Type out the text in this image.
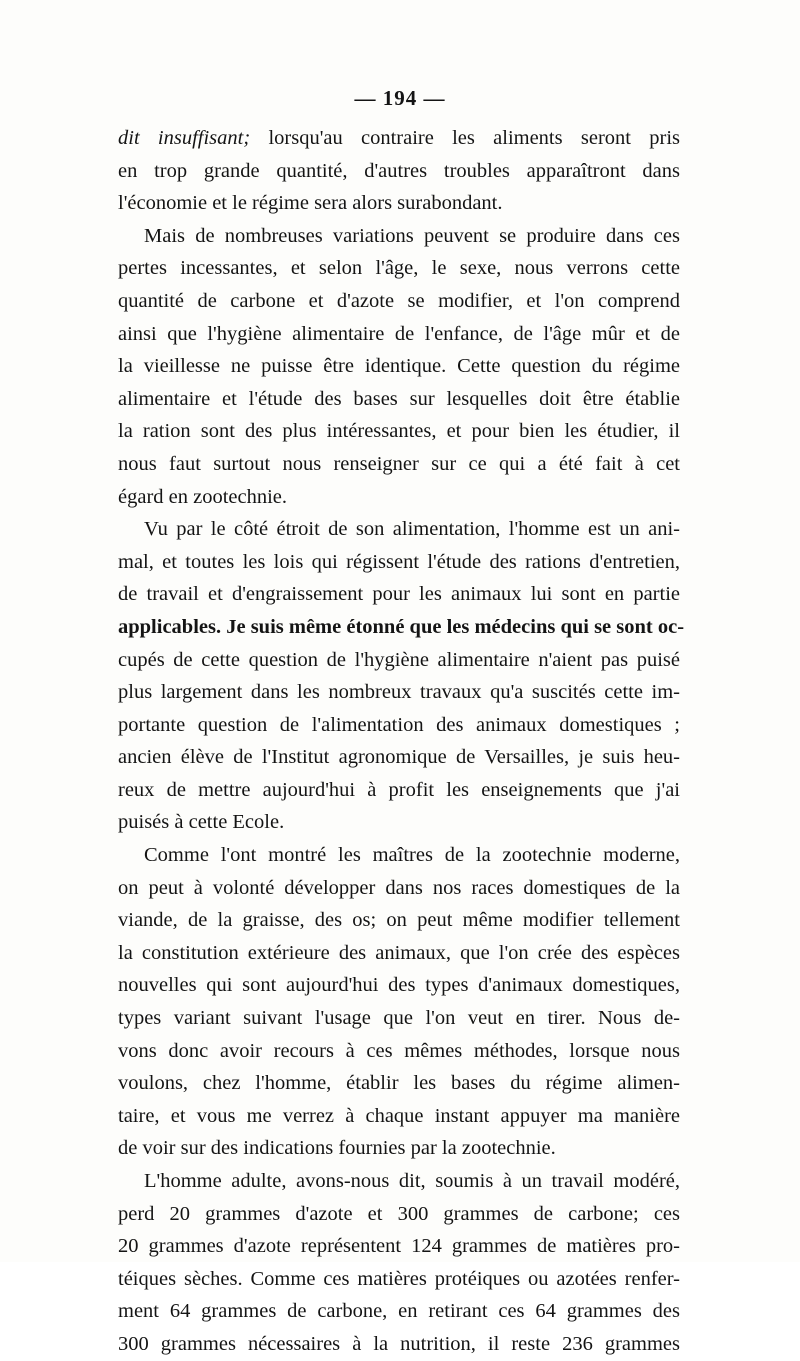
— 194 —
dit insuffisant; lorsqu'au contraire les aliments seront pris
en trop grande quantité, d'autres troubles apparaîtront dans
l'économie et le régime sera alors surabondant.
Mais de nombreuses variations peuvent se produire dans ces
pertes incessantes, et selon l'âge, le sexe, nous verrons cette
quantité de carbone et d'azote se modifier, et l'on comprend
ainsi que l'hygiène alimentaire de l'enfance, de l'âge mûr et de
la vieillesse ne puisse être identique. Cette question du régime
alimentaire et l'étude des bases sur lesquelles doit être établie
la ration sont des plus intéressantes, et pour bien les étudier, il
nous faut surtout nous renseigner sur ce qui a été fait à cet
égard en zootechnie.
Vu par le côté étroit de son alimentation, l'homme est un ani-
mal, et toutes les lois qui régissent l'étude des rations d'entretien,
de travail et d'engraissement pour les animaux lui sont en partie
applicables. Je suis même étonné que les médecins qui se sont oc-
cupés de cette question de l'hygiène alimentaire n'aient pas puisé
plus largement dans les nombreux travaux qu'a suscités cette im-
portante question de l'alimentation des animaux domestiques ;
ancien élève de l'Institut agronomique de Versailles, je suis heu-
reux de mettre aujourd'hui à profit les enseignements que j'ai
puisés à cette Ecole.
Comme l'ont montré les maîtres de la zootechnie moderne,
on peut à volonté développer dans nos races domestiques de la
viande, de la graisse, des os; on peut même modifier tellement
la constitution extérieure des animaux, que l'on crée des espèces
nouvelles qui sont aujourd'hui des types d'animaux domestiques,
types variant suivant l'usage que l'on veut en tirer. Nous de-
vons donc avoir recours à ces mêmes méthodes, lorsque nous
voulons, chez l'homme, établir les bases du régime alimen-
taire, et vous me verrez à chaque instant appuyer ma manière
de voir sur des indications fournies par la zootechnie.
L'homme adulte, avons-nous dit, soumis à un travail modéré,
perd 20 grammes d'azote et 300 grammes de carbone; ces
20 grammes d'azote représentent 124 grammes de matières pro-
téiques sèches. Comme ces matières protéiques ou azotées renfer-
ment 64 grammes de carbone, en retirant ces 64 grammes des
300 grammes nécessaires à la nutrition, il reste 236 grammes
